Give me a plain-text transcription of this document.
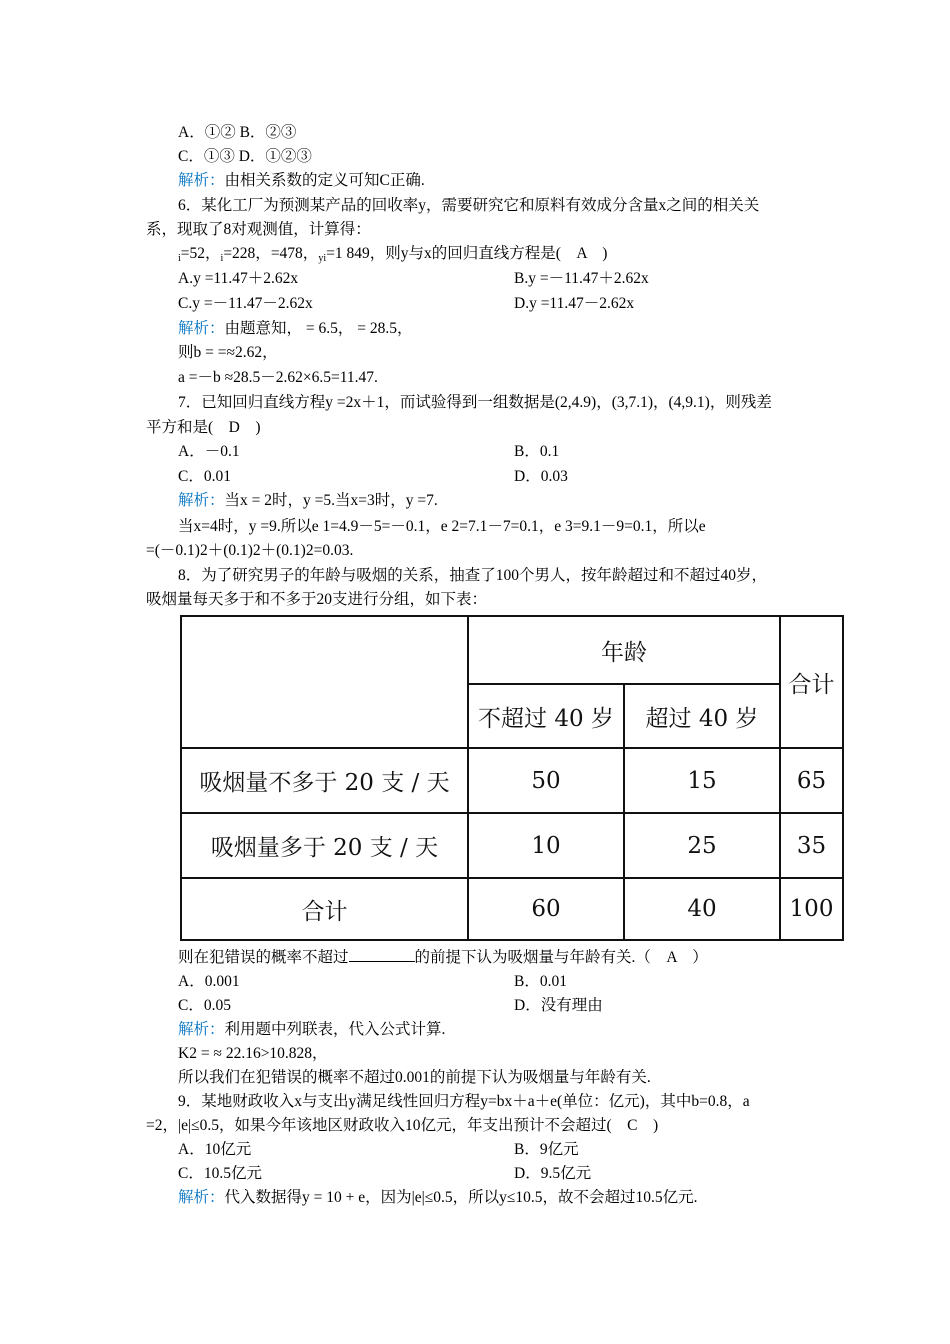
A．①② B．②③
C．①③ D．①②③
解析：由相关系数的定义可知C正确.
6．某化工厂为预测某产品的回收率y，需要研究它和原料有效成分含量x之间的相关关
系，现取了8对观测值，计算得：
$_i$=52，$_i$=228，=478，$_{yi}$=1 849，则y与x的回归直线方程是(　A　)
A.y =11.47＋2.62x	B.y =－11.47＋2.62x
C.y =－11.47－2.62x	D.y =11.47－2.62x
解析：由题意知， = 6.5， = 28.5，
则b = =≈2.62，
a =－b ≈28.5－2.62×6.5=11.47.
7．已知回归直线方程y =2x＋1，而试验得到一组数据是(2,4.9)，(3,7.1)，(4,9.1)，则残差
平方和是(　D　)
A．－0.1	B．0.1
C．0.01	D．0.03
解析：当x = 2时，y =5.当x=3时，y =7.
当x=4时，y =9.所以e 1=4.9－5=－0.1，e 2=7.1－7=0.1，e 3=9.1－9=0.1，所以e
=(－0.1)2＋(0.1)2＋(0.1)2=0.03.
8．为了研究男子的年龄与吸烟的关系，抽查了100个男人，按年龄超过和不超过40岁，
吸烟量每天多于和不多于20支进行分组，如下表：
年龄
合计
不超过 40 岁	超过 40 岁
吸烟量不多于 20 支 / 天	50	15	65
吸烟量多于 20 支 / 天	10	25	35
合计	60	40	100
则在犯错误的概率不超过	的前提下认为吸烟量与年龄有关.（　A　）
A．0.001	B．0.01
C．0.05	D．没有理由
解析：利用题中列联表，代入公式计算.
K2 = ≈ 22.16>10.828，
所以我们在犯错误的概率不超过0.001的前提下认为吸烟量与年龄有关.
9．某地财政收入x与支出y满足线性回归方程y=bx＋a＋e(单位：亿元)，其中b=0.8，a
=2，|e|≤0.5，如果今年该地区财政收入10亿元，年支出预计不会超过(　C　)
A．10亿元	B．9亿元
C．10.5亿元	D．9.5亿元
解析：代入数据得y = 10 + e，因为|e|≤0.5，所以y≤10.5，故不会超过10.5亿元.
